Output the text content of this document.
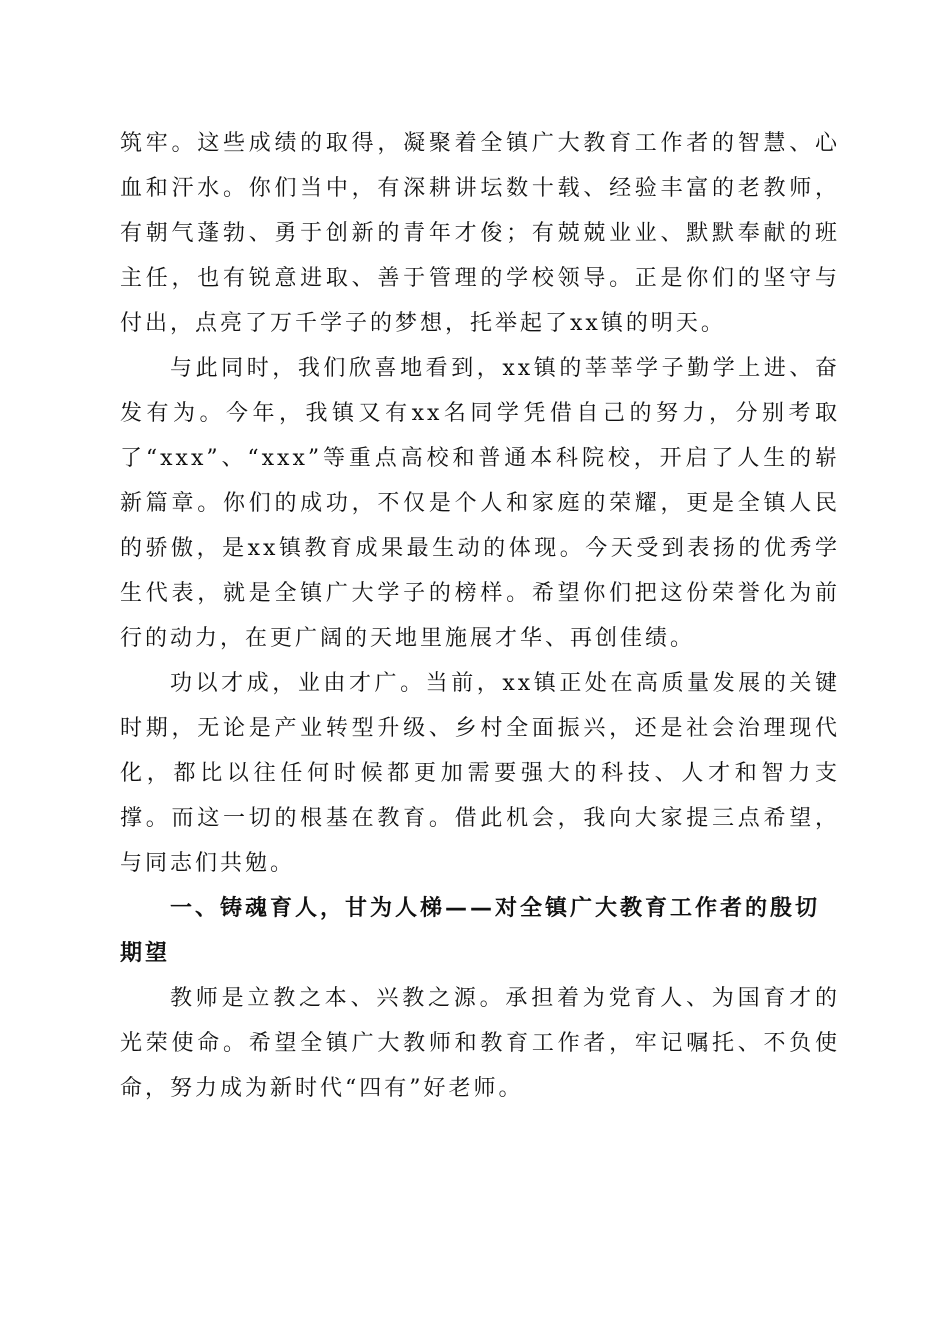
筑牢。这些成绩的取得，凝聚着全镇广大教育工作者的智慧、心血和汗水。你们当中，有深耕讲坛数十载、经验丰富的老教师，有朝气蓬勃、勇于创新的青年才俊；有兢兢业业、默默奉献的班主任，也有锐意进取、善于管理的学校领导。正是你们的坚守与付出，点亮了万千学子的梦想，托举起了xx镇的明天。

与此同时，我们欣喜地看到，xx镇的莘莘学子勤学上进、奋发有为。今年，我镇又有xx名同学凭借自己的努力，分别考取了“xxx”、“xxx”等重点高校和普通本科院校，开启了人生的崭新篇章。你们的成功，不仅是个人和家庭的荣耀，更是全镇人民的骄傲，是xx镇教育成果最生动的体现。今天受到表扬的优秀学生代表，就是全镇广大学子的榜样。希望你们把这份荣誉化为前行的动力，在更广阔的天地里施展才华、再创佳绩。

功以才成，业由才广。当前，xx镇正处在高质量发展的关键时期，无论是产业转型升级、乡村全面振兴，还是社会治理现代化，都比以往任何时候都更加需要强大的科技、人才和智力支撑。而这一切的根基在教育。借此机会，我向大家提三点希望，与同志们共勉。

一、铸魂育人，甘为人梯——对全镇广大教育工作者的殷切期望

教师是立教之本、兴教之源。承担着为党育人、为国育才的光荣使命。希望全镇广大教师和教育工作者，牢记嘱托、不负使命，努力成为新时代“四有”好老师。
